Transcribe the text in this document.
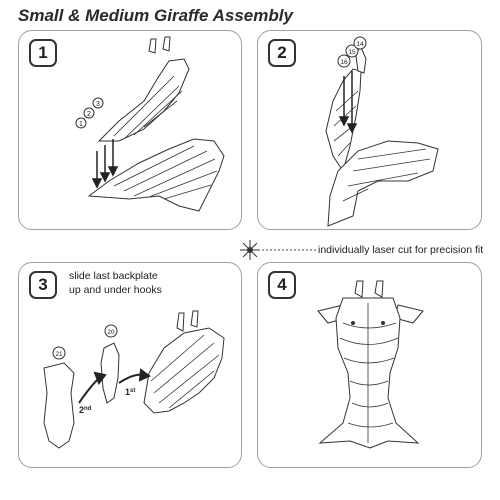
Small & Medium Giraffe Assembly
1
1
2
3
2
16
15
14
individually laser cut for precision fit
3	slide last backplate
up and under hooks
21
20
2nd
1st
4
